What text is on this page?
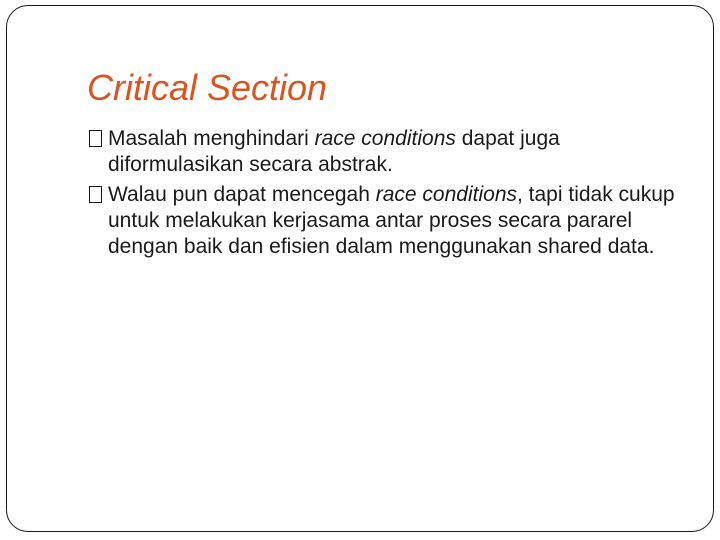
Critical Section
Masalah menghindari race conditions dapat juga diformulasikan secara abstrak.
Walau pun dapat mencegah race conditions, tapi tidak cukup untuk melakukan kerjasama antar proses secara pararel dengan baik dan efisien dalam menggunakan shared data.
